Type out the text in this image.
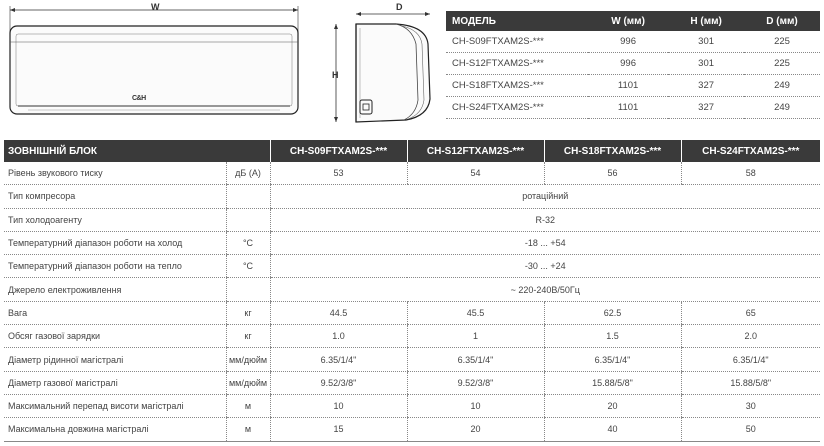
W
C&H
D
H
МОДЕЛЬ	W (мм)	H (мм)	D (мм)
CH-S09FTXAM2S-***	996	301	225
CH-S12FTXAM2S-***	996	301	225
CH-S18FTXAM2S-***	1101	327	249
CH-S24FTXAM2S-***	1101	327	249
ЗОВНІШНІЙ БЛОК		CH-S09FTXAM2S-***	CH-S12FTXAM2S-***	CH-S18FTXAM2S-***	CH-S24FTXAM2S-***
Рівень звукового тиску	дБ (А)	53	54	56	58
Тип компресора		ротаційний			
Тип холодоагенту		R-32			
Температурний діапазон роботи на холод	°С	-18 ... +54			
Температурний діапазон роботи на тепло	°С	-30 ... +24			
Джерело електроживлення		~ 220-240В/50Гц			
Вага	кг	44.5	45.5	62.5	65
Обсяг газової зарядки	кг	1.0	1	1.5	2.0
Діаметр рідинної магістралі	мм/дюйм	6.35/1/4"	6.35/1/4"	6.35/1/4"	6.35/1/4"
Діаметр газової магістралі	мм/дюйм	9.52/3/8"	9.52/3/8"	15.88/5/8"	15.88/5/8"
Максимальний перепад висоти магістралі	м	10	10	20	30
Максимальна довжина магістралі	м	15	20	40	50
